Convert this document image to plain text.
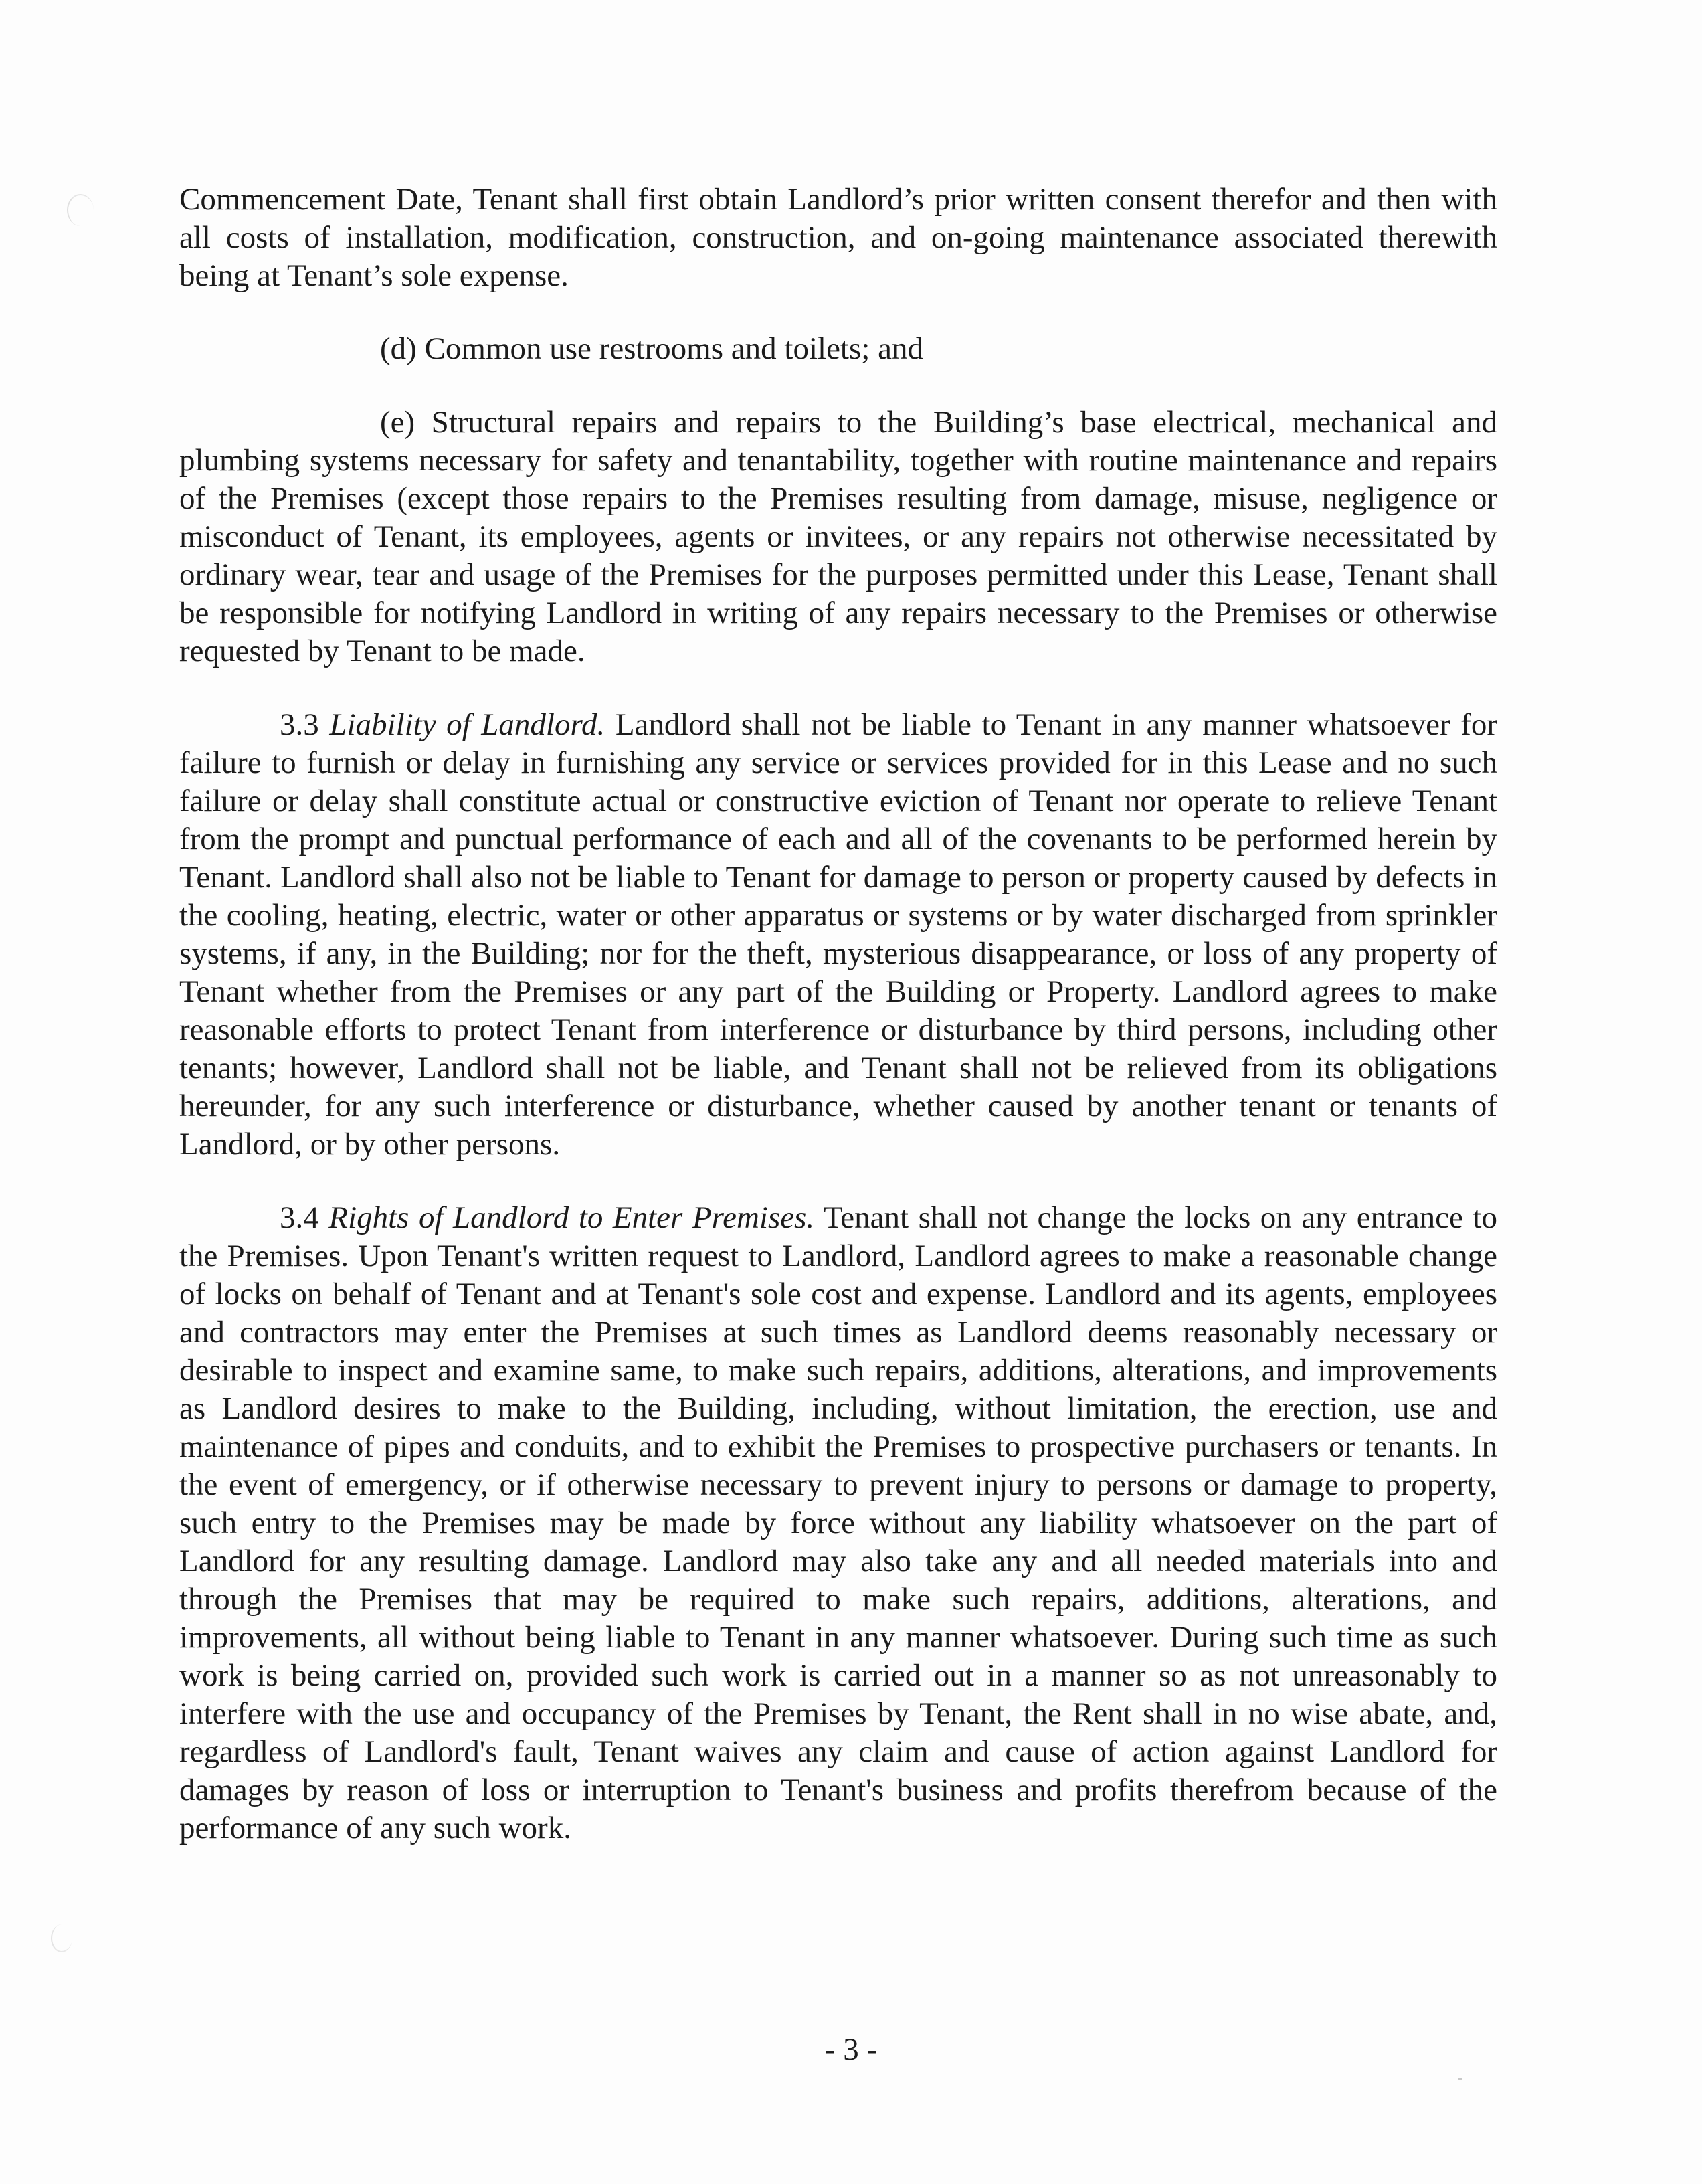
Commencement Date, Tenant shall first obtain Landlord’s prior written consent therefor and then with all costs of installation, modification, construction, and on-going maintenance associated therewith being at Tenant’s sole expense.

(d) Common use restrooms and toilets; and

(e) Structural repairs and repairs to the Building’s base electrical, mechanical and plumbing systems necessary for safety and tenantability, together with routine maintenance and repairs of the Premises (except those repairs to the Premises resulting from damage, misuse, negligence or misconduct of Tenant, its employees, agents or invitees, or any repairs not otherwise necessitated by ordinary wear, tear and usage of the Premises for the purposes permitted under this Lease, Tenant shall be responsible for notifying Landlord in writing of any repairs necessary to the Premises or otherwise requested by Tenant to be made.

3.3 Liability of Landlord. Landlord shall not be liable to Tenant in any manner whatsoever for failure to furnish or delay in furnishing any service or services provided for in this Lease and no such failure or delay shall constitute actual or constructive eviction of Tenant nor operate to relieve Tenant from the prompt and punctual performance of each and all of the covenants to be performed herein by Tenant. Landlord shall also not be liable to Tenant for damage to person or property caused by defects in the cooling, heating, electric, water or other apparatus or systems or by water discharged from sprinkler systems, if any, in the Building; nor for the theft, mysterious disappearance, or loss of any property of Tenant whether from the Premises or any part of the Building or Property. Landlord agrees to make reasonable efforts to protect Tenant from interference or disturbance by third persons, including other tenants; however, Landlord shall not be liable, and Tenant shall not be relieved from its obligations hereunder, for any such interference or disturbance, whether caused by another tenant or tenants of Landlord, or by other persons.

3.4 Rights of Landlord to Enter Premises. Tenant shall not change the locks on any entrance to the Premises. Upon Tenant's written request to Landlord, Landlord agrees to make a reasonable change of locks on behalf of Tenant and at Tenant's sole cost and expense. Landlord and its agents, employees and contractors may enter the Premises at such times as Landlord deems reasonably necessary or desirable to inspect and examine same, to make such repairs, additions, alterations, and improvements as Landlord desires to make to the Building, including, without limitation, the erection, use and maintenance of pipes and conduits, and to exhibit the Premises to prospective purchasers or tenants. In the event of emergency, or if otherwise necessary to prevent injury to persons or damage to property, such entry to the Premises may be made by force without any liability whatsoever on the part of Landlord for any resulting damage. Landlord may also take any and all needed materials into and through the Premises that may be required to make such repairs, additions, alterations, and improvements, all without being liable to Tenant in any manner whatsoever. During such time as such work is being carried on, provided such work is carried out in a manner so as not unreasonably to interfere with the use and occupancy of the Premises by Tenant, the Rent shall in no wise abate, and, regardless of Landlord's fault, Tenant waives any claim and cause of action against Landlord for damages by reason of loss or interruption to Tenant's business and profits therefrom because of the performance of any such work.

- 3 -
